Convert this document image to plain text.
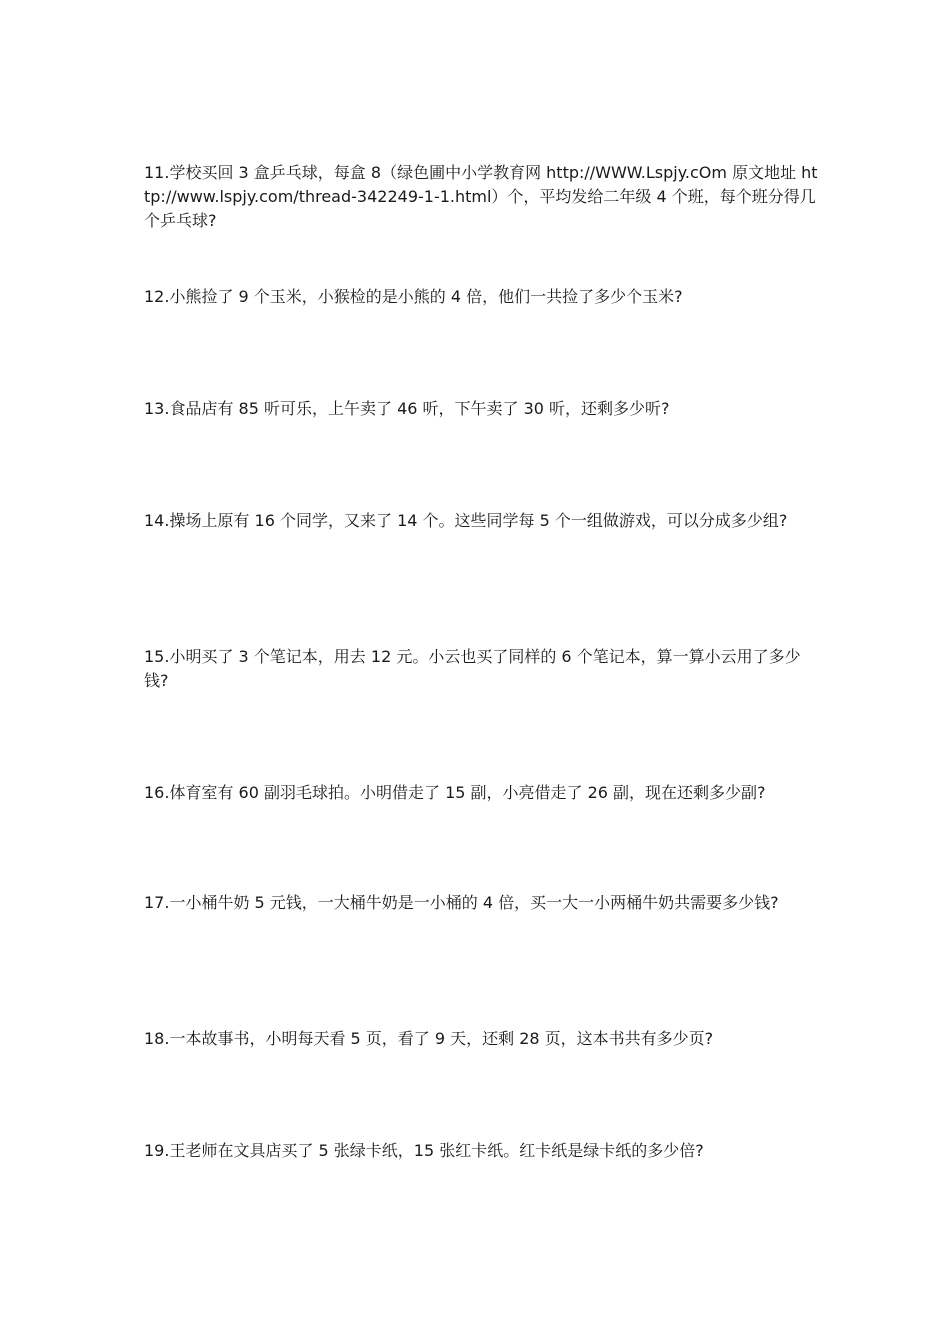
11.学校买回 3 盒乒乓球，每盒 8（绿色圃中小学教育网 http://WWW.Lspjy.cOm 原文地址 http://www.lspjy.com/thread-342249-1-1.html）个，平均发给二年级 4 个班，每个班分得几个乒乓球?

12.小熊捡了 9 个玉米，小猴检的是小熊的 4 倍，他们一共捡了多少个玉米?

13.食品店有 85 听可乐，上午卖了 46 听，下午卖了 30 听，还剩多少听?

14.操场上原有 16 个同学，又来了 14 个。这些同学每 5 个一组做游戏，可以分成多少组?

15.小明买了 3 个笔记本，用去 12 元。小云也买了同样的 6 个笔记本，算一算小云用了多少钱?

16.体育室有 60 副羽毛球拍。小明借走了 15 副，小亮借走了 26 副，现在还剩多少副?

17.一小桶牛奶 5 元钱，一大桶牛奶是一小桶的 4 倍，买一大一小两桶牛奶共需要多少钱?

18.一本故事书，小明每天看 5 页，看了 9 天，还剩 28 页，这本书共有多少页?

19.王老师在文具店买了 5 张绿卡纸，15 张红卡纸。红卡纸是绿卡纸的多少倍?
